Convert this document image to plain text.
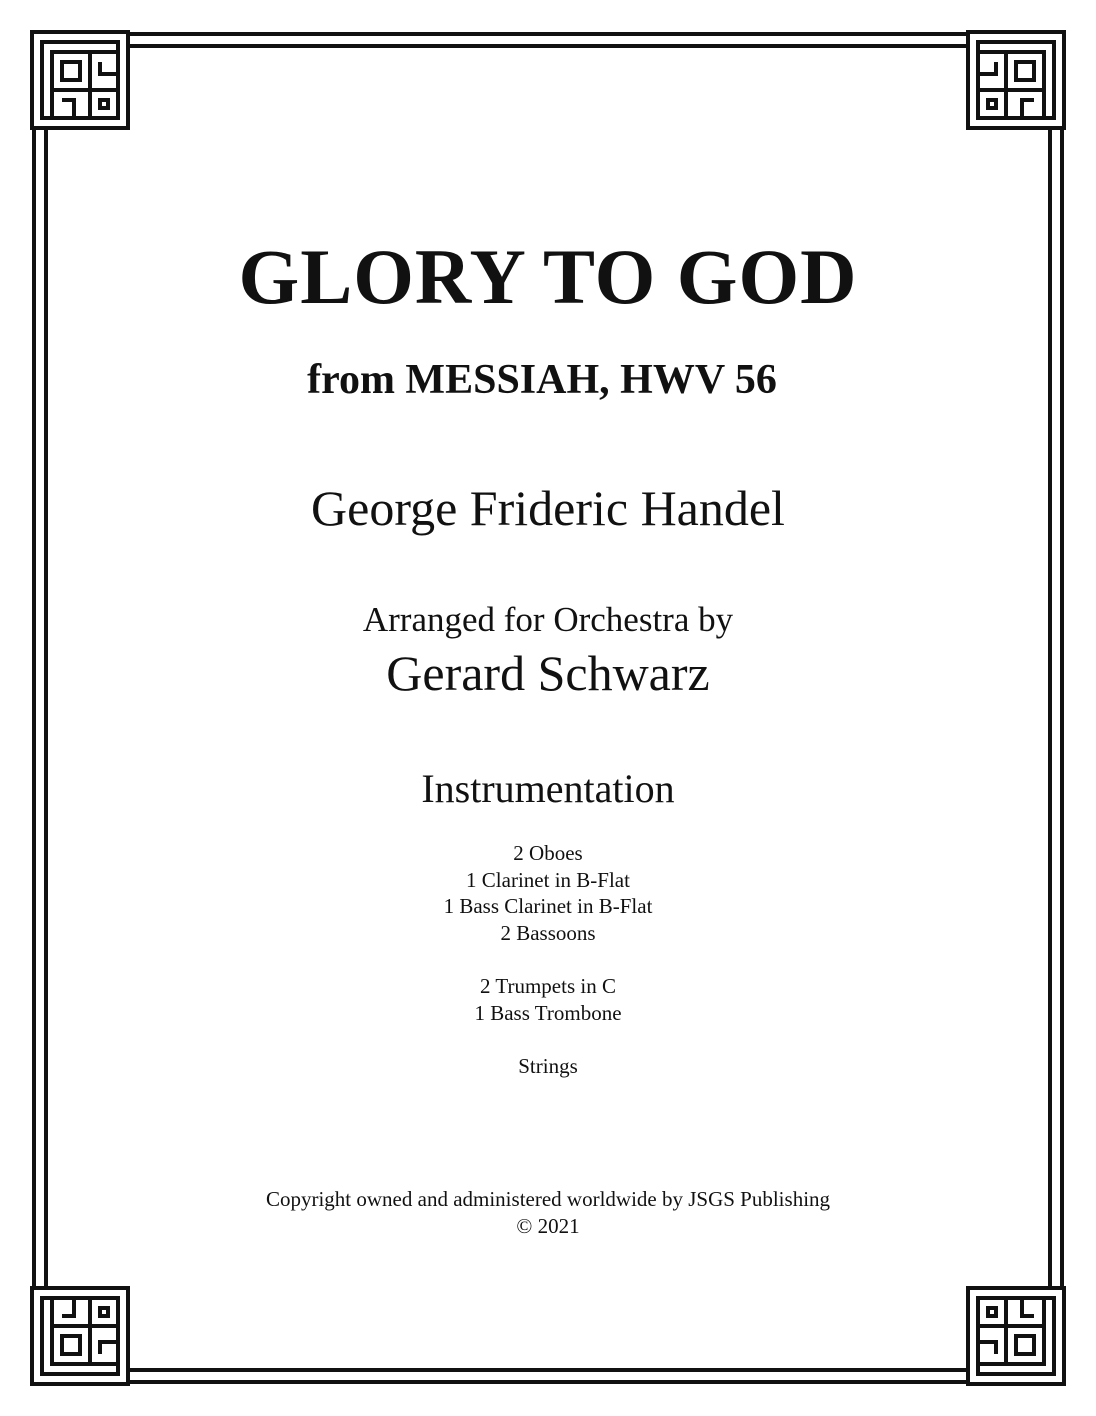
GLORY TO GOD
from MESSIAH, HWV 56
George Frideric Handel
Arranged for Orchestra by
Gerard Schwarz
Instrumentation
2 Oboes
1 Clarinet in B-Flat
1 Bass Clarinet in B-Flat
2 Bassoons
2 Trumpets in C
1 Bass Trombone
Strings
Copyright owned and administered worldwide by JSGS Publishing
© 2021
